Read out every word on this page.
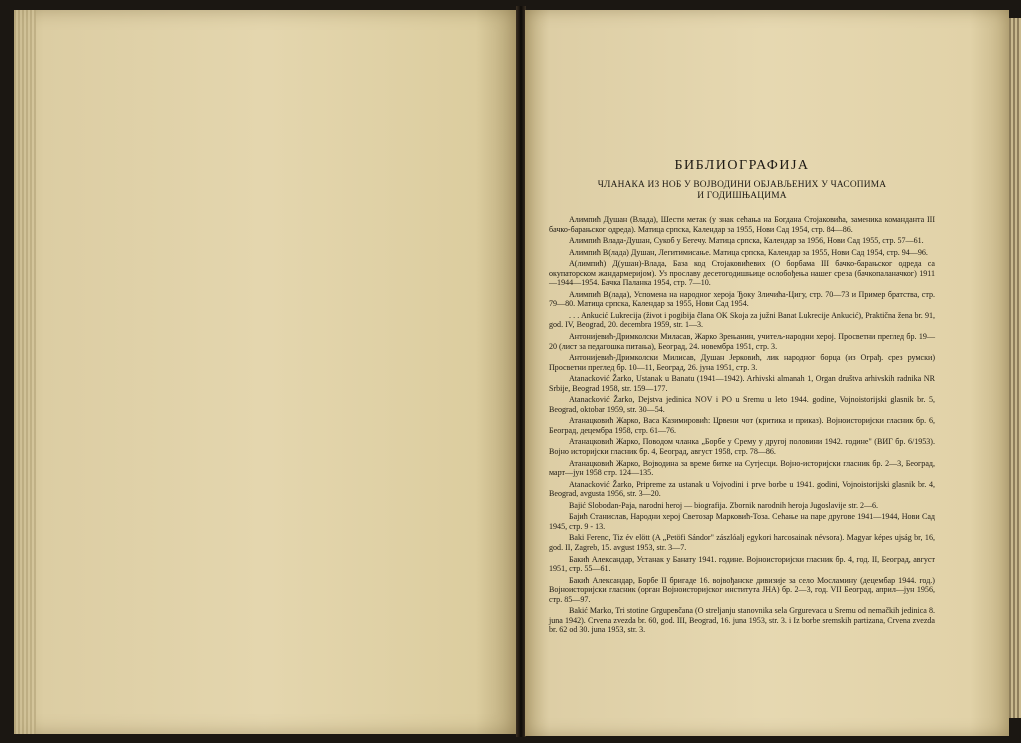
БИБЛИОГРАФИЈА
ЧЛАНАКА ИЗ НОБ У ВОЈВОДИНИ ОБЈАВЉЕНИХ У ЧАСОПИМА
И ГОДИШЊАЦИМА

Алимпић Душан (Влада), Шести метак (у знак сећања на Богдана Стојаковића, заменика команданта III бачко-барањског одреда). Матица српска, Календар за 1955, Нови Сад 1954, стр. 84—86.

Алимпић Влада-Душан, Сукоб у Бегечу. Матица српска, Календар за 1956, Нови Сад 1955, стр. 57—61.

Алимпић В(лада) Душан, Легитимисање. Матица српска, Календар за 1955, Нови Сад 1954, стр. 94—96.

А(лимпић) Д(ушан)-Влада, База код Стојаковићевих (О борбама III бачко-барањског одреда са окупаторском жандармеријом). Уз прославу десетогодишњице ослобођења нашег среза (бачкопаланачког) 1911—1944—1954. Бачка Паланка 1954, стр. 7—10.

Алимпић В(лада), Успомена на народног хероја Ђоку Зличића-Цигу, стр. 70—73 и Пример братства, стр. 79—80. Матица српска, Календар за 1955, Нови Сад 1954.

. . . Ankucić Lukrecija (život i pogibija člana OK Skoja za južni Banat Lukrecije Ankucić), Praktična žena br. 91, god. IV, Beograd, 20. decembra 1959, str. 1—3.

Антонијевић-Дримколски Миласав, Жарко Зрењанин, учитељ-народни херој. Просветни преглед бр. 19—20 (лист за педагошка питања), Београд, 24. новембра 1951, стр. 3.

Антонијевић-Дримколски Милисав, Душан Јерковић, лик народног борца (из Ограђ. срез румски) Просветни преглед бр. 10—11, Београд, 26. јуна 1951, стр. 3.

Atanacković Žarko, Ustanak u Banatu (1941—1942). Arhivski almanah 1, Organ društva arhivskih radnika NR Srbije, Beograd 1958, str. 159—177.

Atanacković Žarko, Dejstva jedinica NOV i PO u Sremu u leto 1944. godine, Vojnoistorijski glasnik br. 5, Beograd, oktobar 1959, str. 30—54.

Атанацковић Жарко, Васа Казимировић: Црвени чот (критика и приказ). Војноисторијски гласник бр. 6, Београд, децембра 1958, стр. 61—76.

Атанацковић Жарко, Поводом чланка „Борбе у Срему у другој половини 1942. године" (ВИГ бр. 6/1953). Војно историјски гласник бр. 4, Београд, август 1958, стр. 78—86.

Атанацковић Жарко, Војводина за време битке на Сутјесци. Војно-историјски гласник бр. 2—3, Београд, март—јун 1958 стр. 124—135.

Atanacković Žarko, Pripreme za ustanak u Vojvodini i prve borbe u 1941. godini, Vojnoistorijski glasnik br. 4, Beograd, avgusta 1956, str. 3—20.

Bajić Slobodan-Paja, narodni heroj — biografija. Zbornik narodnih heroja Jugoslavije str. 2—6.

Бајић Станислав, Народни херој Светозар Марковић-Тоза. Сећање на паре другове 1941—1944, Нови Сад 1945, стр. 9 - 13.

Baki Ferenc, Tiz év elött (A „Petöfi Sándor" zászlóalj egykori harcosainak névsora). Magyar képes ujság br, 16, god. II, Zagreb, 15. avgust 1953, str. 3—7.

Бакић Александар, Устанак у Банату 1941. године. Војноисторијски гласник бр. 4, год. II, Београд, август 1951, стр. 55—61.

Бакић Александар, Борбе II бригаде 16. војвођанске дивизије за село Мосламину (децембар 1944. год.) Војноисторијски гласник (орган Војноисторијског института ЈНА) бр. 2—3, год. VII Београд, април—јун 1956, стр. 85—97.

Bakić Marko, Tri stotine Grguревčana (O streljanju stanovnika sela Grgurevaca u Sremu od nemačkih jedinica 8. juna 1942). Crvena zvezda br. 60, god. III, Beograd, 16. juna 1953, str. 3. i Iz borbe sremskih partizana, Crvena zvezda br. 62 od 30. juna 1953, str. 3.
